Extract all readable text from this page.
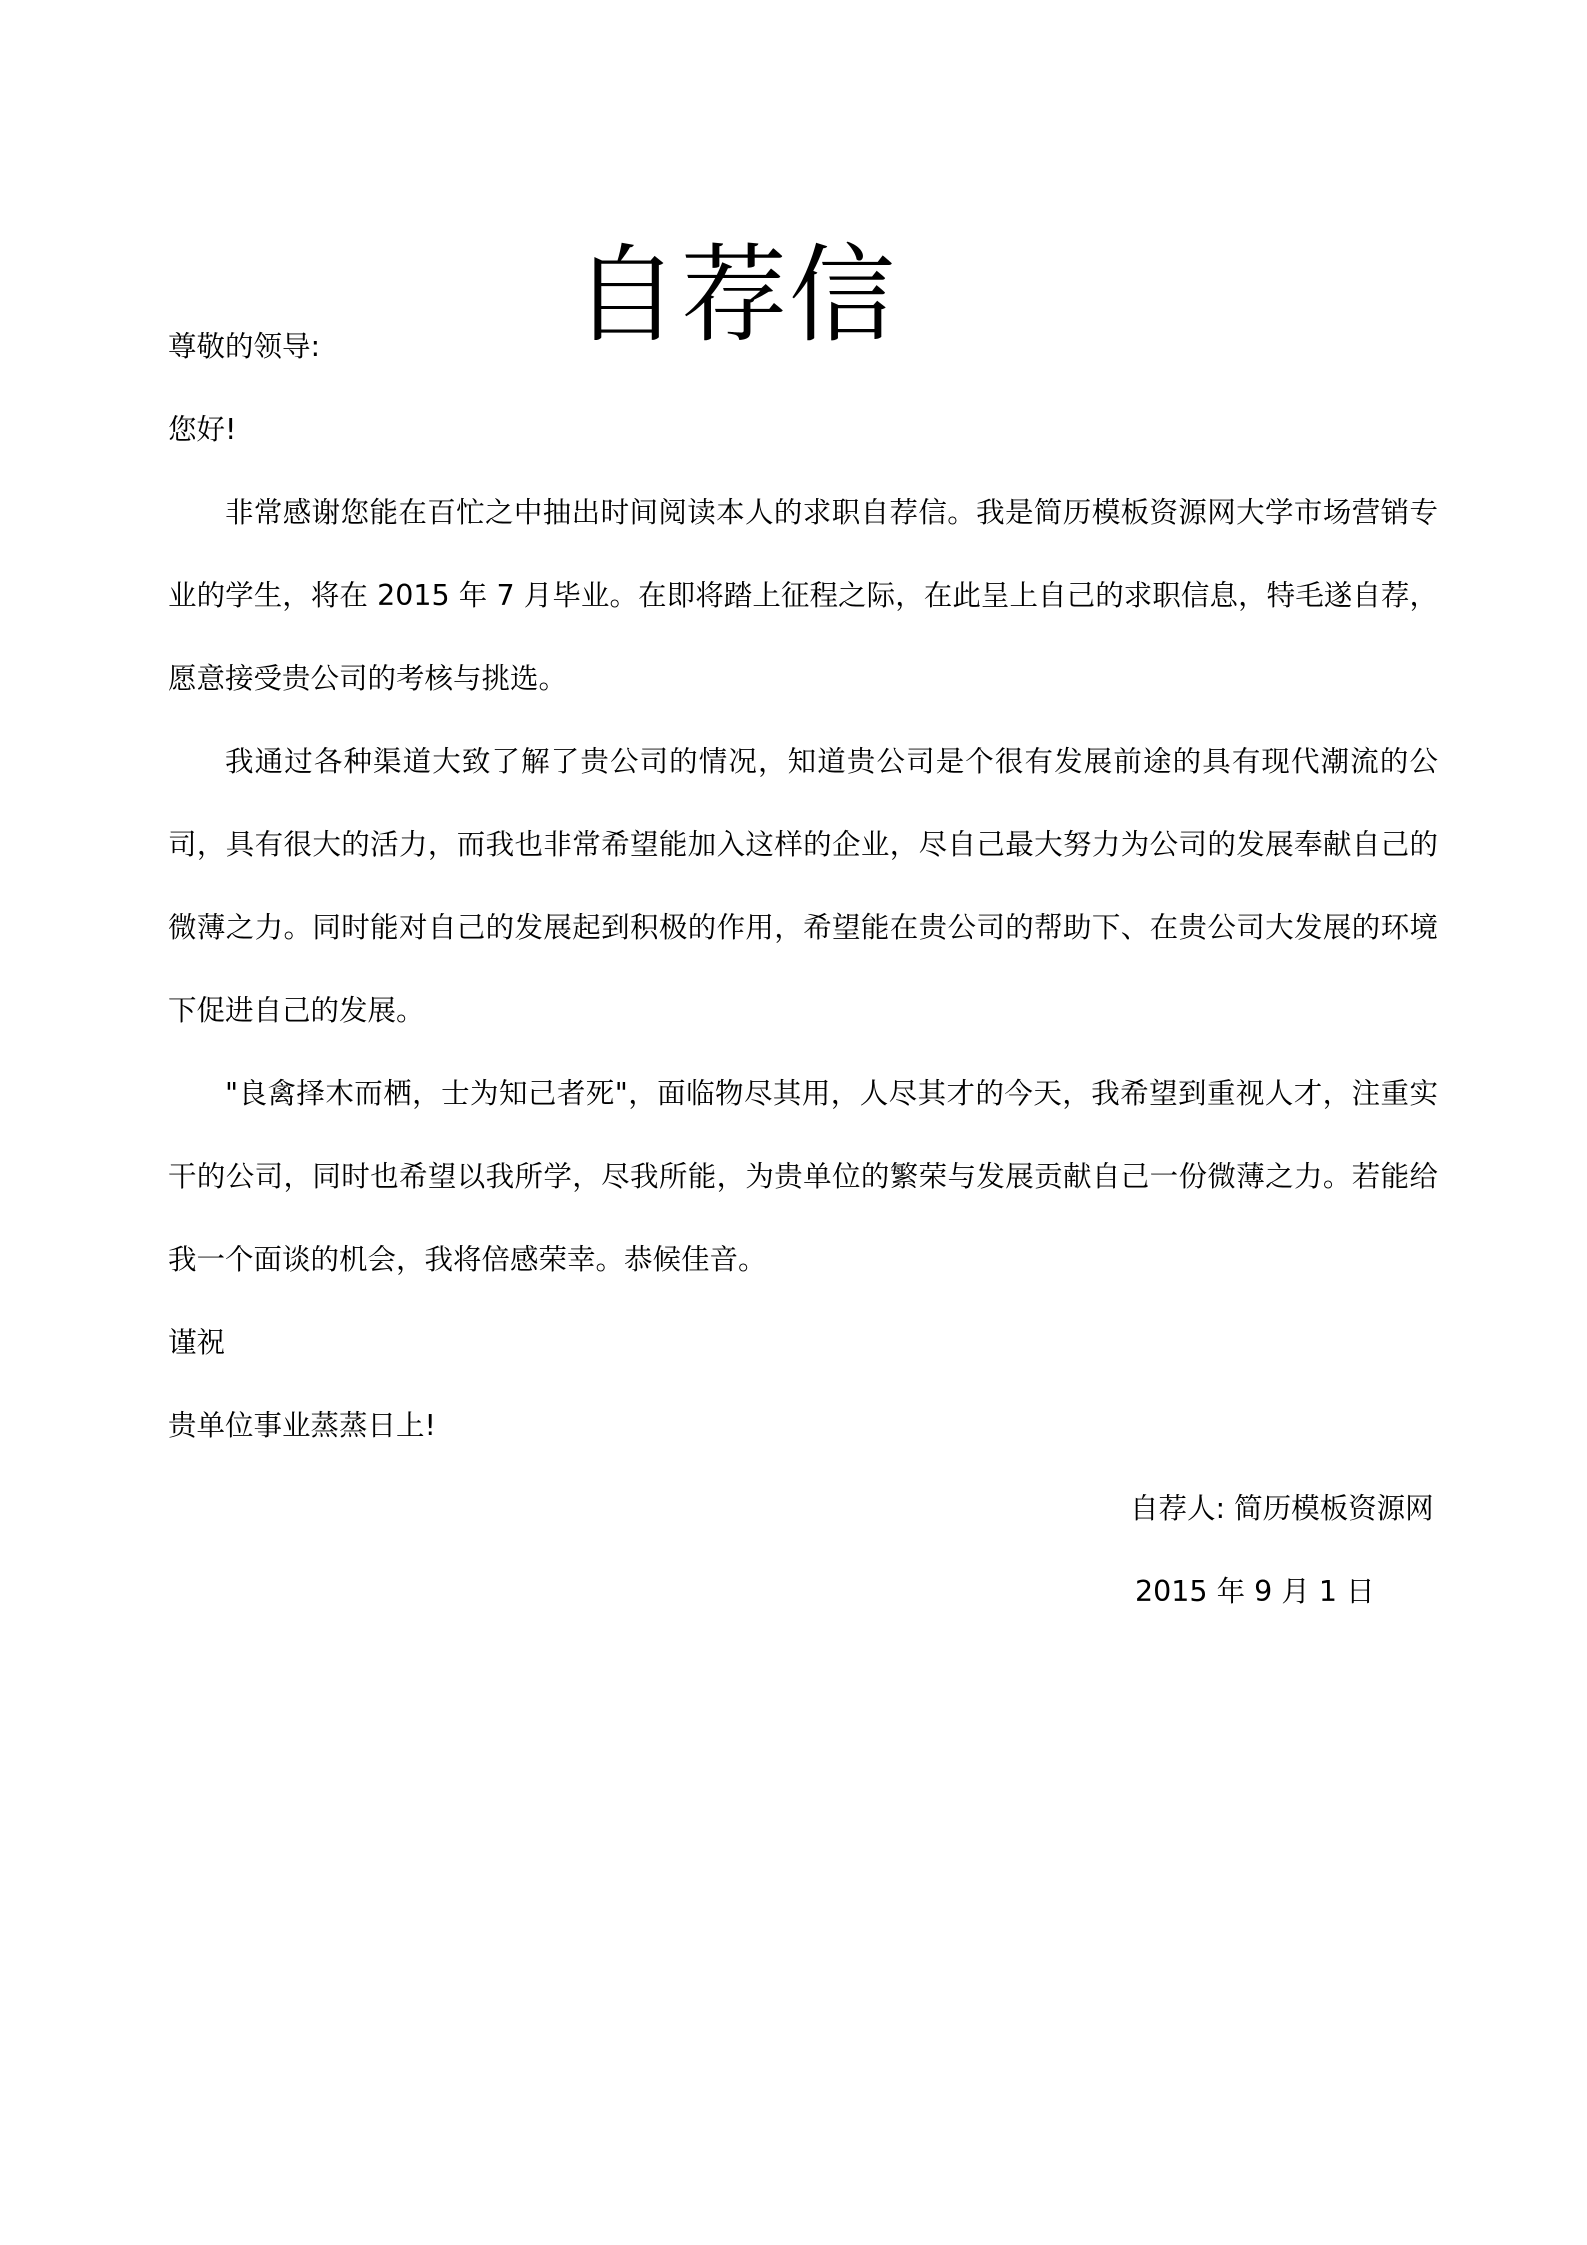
自荐信

尊敬的领导:

您好!

非常感谢您能在百忙之中抽出时间阅读本人的求职自荐信。我是简历模板资源网大学市场营销专业的学生，将在 2015 年 7 月毕业。在即将踏上征程之际，在此呈上自己的求职信息，特毛遂自荐，愿意接受贵公司的考核与挑选。

我通过各种渠道大致了解了贵公司的情况，知道贵公司是个很有发展前途的具有现代潮流的公司，具有很大的活力，而我也非常希望能加入这样的企业，尽自己最大努力为公司的发展奉献自己的微薄之力。同时能对自己的发展起到积极的作用，希望能在贵公司的帮助下、在贵公司大发展的环境下促进自己的发展。

"良禽择木而栖，士为知己者死"，面临物尽其用，人尽其才的今天，我希望到重视人才，注重实干的公司，同时也希望以我所学，尽我所能，为贵单位的繁荣与发展贡献自己一份微薄之力。若能给我一个面谈的机会，我将倍感荣幸。恭候佳音。

谨祝

贵单位事业蒸蒸日上!

自荐人: 简历模板资源网
2015 年 9 月 1 日
